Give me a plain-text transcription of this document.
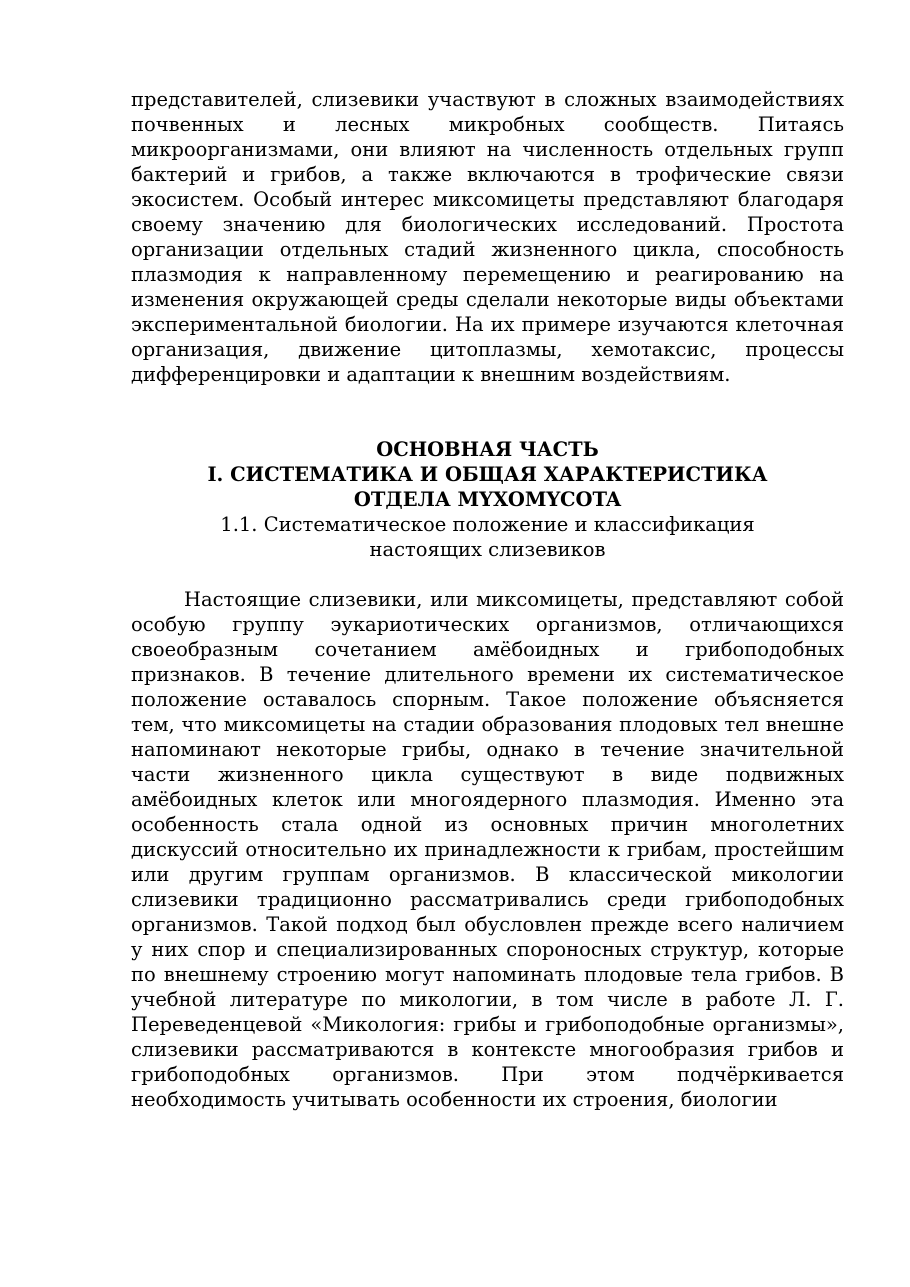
представителей, слизевики участвуют в сложных взаимодействиях почвенных и лесных микробных сообществ. Питаясь микроорганизмами, они влияют на численность отдельных групп бактерий и грибов, а также включаются в трофические связи экосистем. Особый интерес миксомицеты представляют благодаря своему значению для биологических исследований. Простота организации отдельных стадий жизненного цикла, способность плазмодия к направленному перемещению и реагированию на изменения окружающей среды сделали некоторые виды объектами экспериментальной биологии. На их примере изучаются клеточная организация, движение цитоплазмы, хемотаксис, процессы дифференцировки и адаптации к внешним воздействиям.

ОСНОВНАЯ ЧАСТЬ

I. СИСТЕМАТИКА И ОБЩАЯ ХАРАКТЕРИСТИКА

ОТДЕЛА MYXOMYCOTA

1.1. Систематическое положение и классификация

настоящих слизевиков

Настоящие слизевики, или миксомицеты, представляют собой особую группу эукариотических организмов, отличающихся своеобразным сочетанием амёбоидных и грибоподобных признаков. В течение длительного времени их систематическое положение оставалось спорным. Такое положение объясняется тем, что миксомицеты на стадии образования плодовых тел внешне напоминают некоторые грибы, однако в течение значительной части жизненного цикла существуют в виде подвижных амёбоидных клеток или многоядерного плазмодия. Именно эта особенность стала одной из основных причин многолетних дискуссий относительно их принадлежности к грибам, простейшим или другим группам организмов. В классической микологии слизевики традиционно рассматривались среди грибоподобных организмов. Такой подход был обусловлен прежде всего наличием у них спор и специализированных спороносных структур, которые по внешнему строению могут напоминать плодовые тела грибов. В учебной литературе по микологии, в том числе в работе Л. Г. Переведенцевой «Микология: грибы и грибоподобные организмы», слизевики рассматриваются в контексте многообразия грибов и грибоподобных организмов. При этом подчёркивается необходимость учитывать особенности их строения, биологии
